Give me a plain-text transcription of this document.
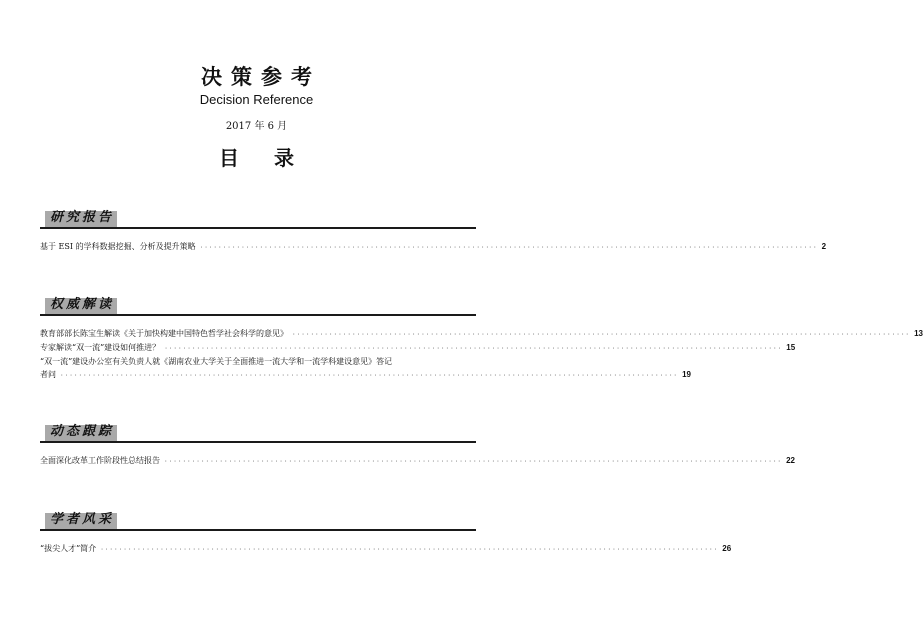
决策参考
Decision Reference
2017 年 6 月
目 录
研究报告
基于 ESI 的学科数据挖掘、分析及提升策略 ······································································································································ 2
权威解读
教育部部长陈宝生解读《关于加快构建中国特色哲学社会科学的意见》 ······································································································································ 13
专家解读“双一流”建设如何推进？ ······································································································································ 15
“双一流”建设办公室有关负责人就《湖南农业大学关于全面推进一流大学和一流学科建设意见》答记
者问 ······································································································································ 19
动态跟踪
全面深化改革工作阶段性总结报告 ······································································································································ 22
学者风采
“拔尖人才”简介 ······································································································································ 26
